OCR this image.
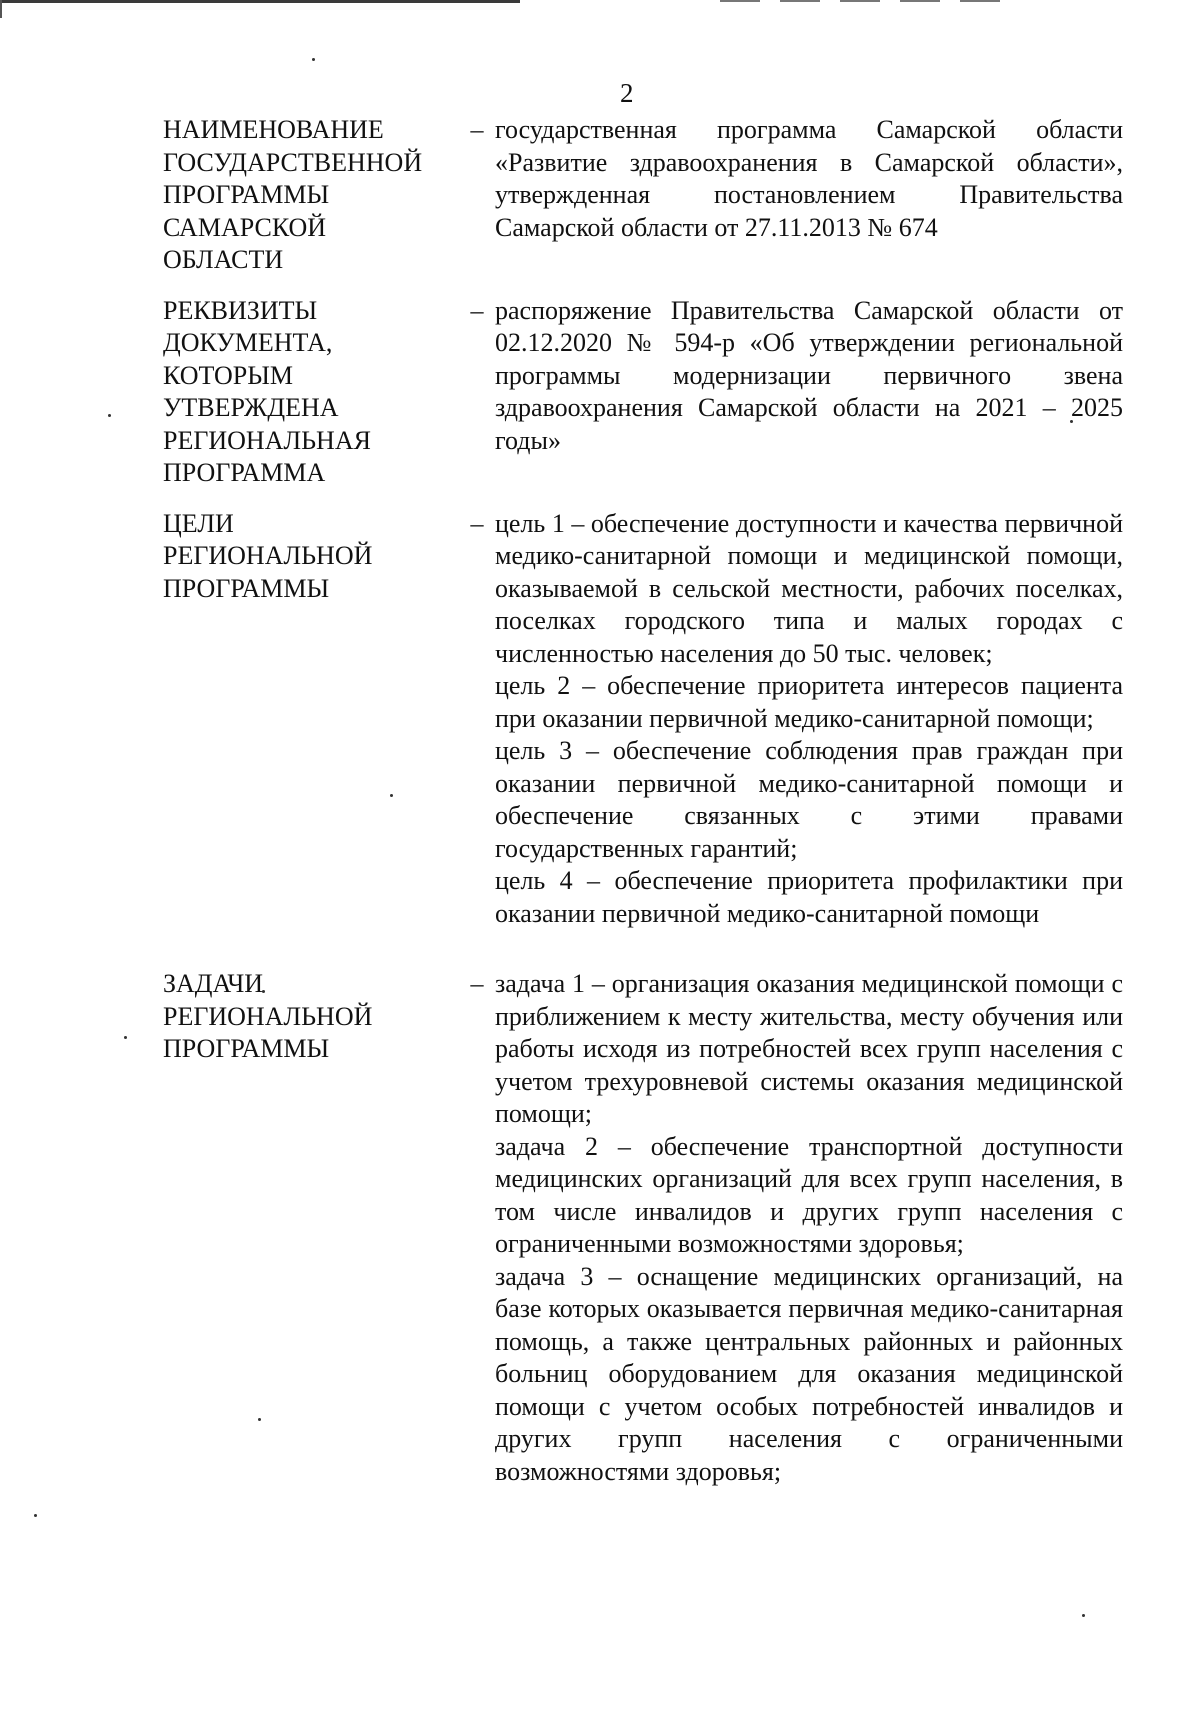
2
НАИМЕНОВАНИЕ
ГОСУДАРСТВЕННОЙ
ПРОГРАММЫ
САМАРСКОЙ
ОБЛАСТИ
– государственная программа Самарской области «Развитие здравоохранения в Самарской области», утвержденная постановлением Правительства Самарской области от 27.11.2013 № 674

РЕКВИЗИТЫ
ДОКУМЕНТА,
КОТОРЫМ
УТВЕРЖДЕНА
РЕГИОНАЛЬНАЯ
ПРОГРАММА
– распоряжение Правительства Самарской области от 02.12.2020 № 594-р «Об утверждении региональной программы модернизации первичного звена здравоохранения Самарской области на 2021 – 2025 годы»

ЦЕЛИ
РЕГИОНАЛЬНОЙ
ПРОГРАММЫ
– цель 1 – обеспечение доступности и качества первичной медико-санитарной помощи и медицинской помощи, оказываемой в сельской местности, рабочих поселках, поселках городского типа и малых городах с численностью населения до 50 тыс. человек;

цель 2 – обеспечение приоритета интересов пациента при оказании первичной медико-санитарной помощи;

цель 3 – обеспечение соблюдения прав граждан при оказании первичной медико-санитарной помощи и обеспечение связанных с этими правами государственных гарантий;

цель 4 – обеспечение приоритета профилактики при оказании первичной медико-санитарной помощи

ЗАДАЧИ
РЕГИОНАЛЬНОЙ
ПРОГРАММЫ
– задача 1 – организация оказания медицинской помощи с приближением к месту жительства, месту обучения или работы исходя из потребностей всех групп населения с учетом трехуровневой системы оказания медицинской помощи;

задача 2 – обеспечение транспортной доступности медицинских организаций для всех групп населения, в том числе инвалидов и других групп населения с ограниченными возможностями здоровья;

задача 3 – оснащение медицинских организаций, на базе которых оказывается первичная медико-санитарная помощь, а также центральных районных и районных больниц оборудованием для оказания медицинской помощи с учетом особых потребностей инвалидов и других групп населения с ограниченными возможностями здоровья;
